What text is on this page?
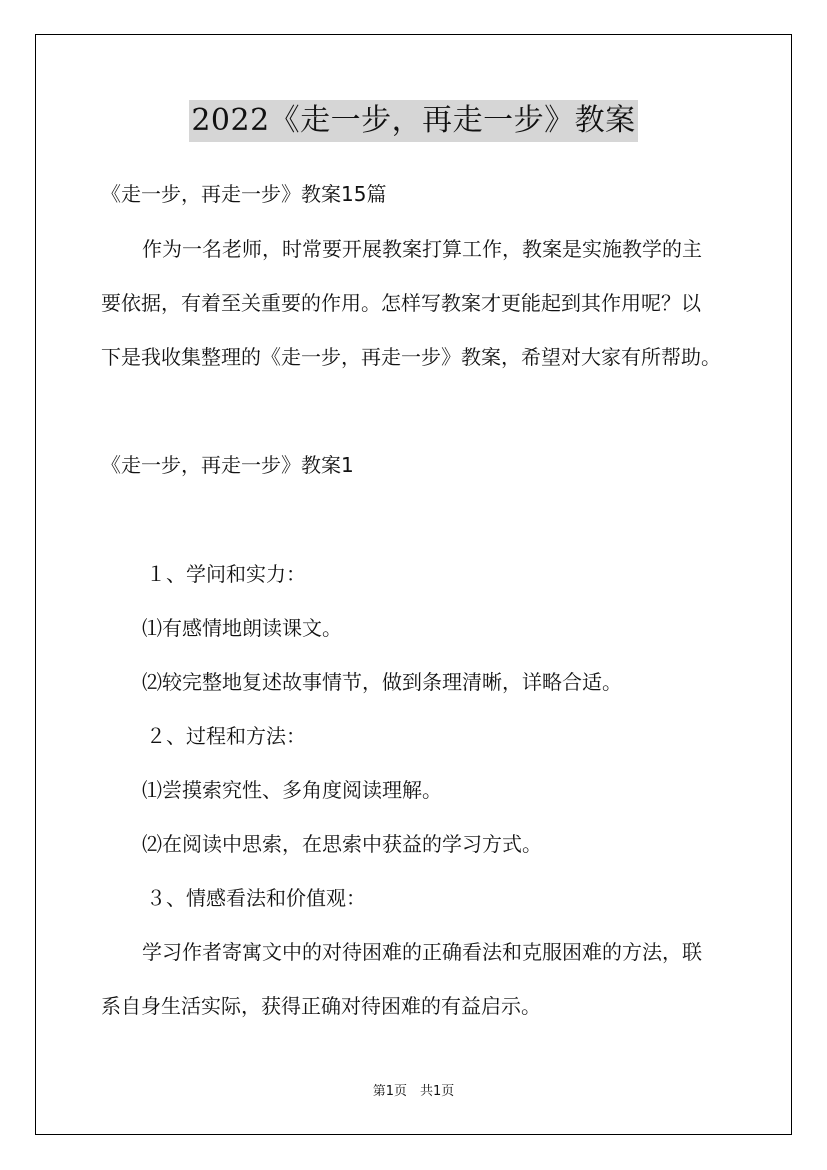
2022《走一步，再走一步》教案
《走一步，再走一步》教案15篇
作为一名老师，时常要开展教案打算工作，教案是实施教学的主
要依据，有着至关重要的作用。怎样写教案才更能起到其作用呢？以
下是我收集整理的《走一步，再走一步》教案，希望对大家有所帮助。
《走一步，再走一步》教案1
１、学问和实力：
⑴有感情地朗读课文。
⑵较完整地复述故事情节，做到条理清晰，详略合适。
２、过程和方法：
⑴尝摸索究性、多角度阅读理解。
⑵在阅读中思索，在思索中获益的学习方式。
３、情感看法和价值观：
学习作者寄寓文中的对待困难的正确看法和克服困难的方法，联
系自身生活实际，获得正确对待困难的有益启示。
第1页　共1页
